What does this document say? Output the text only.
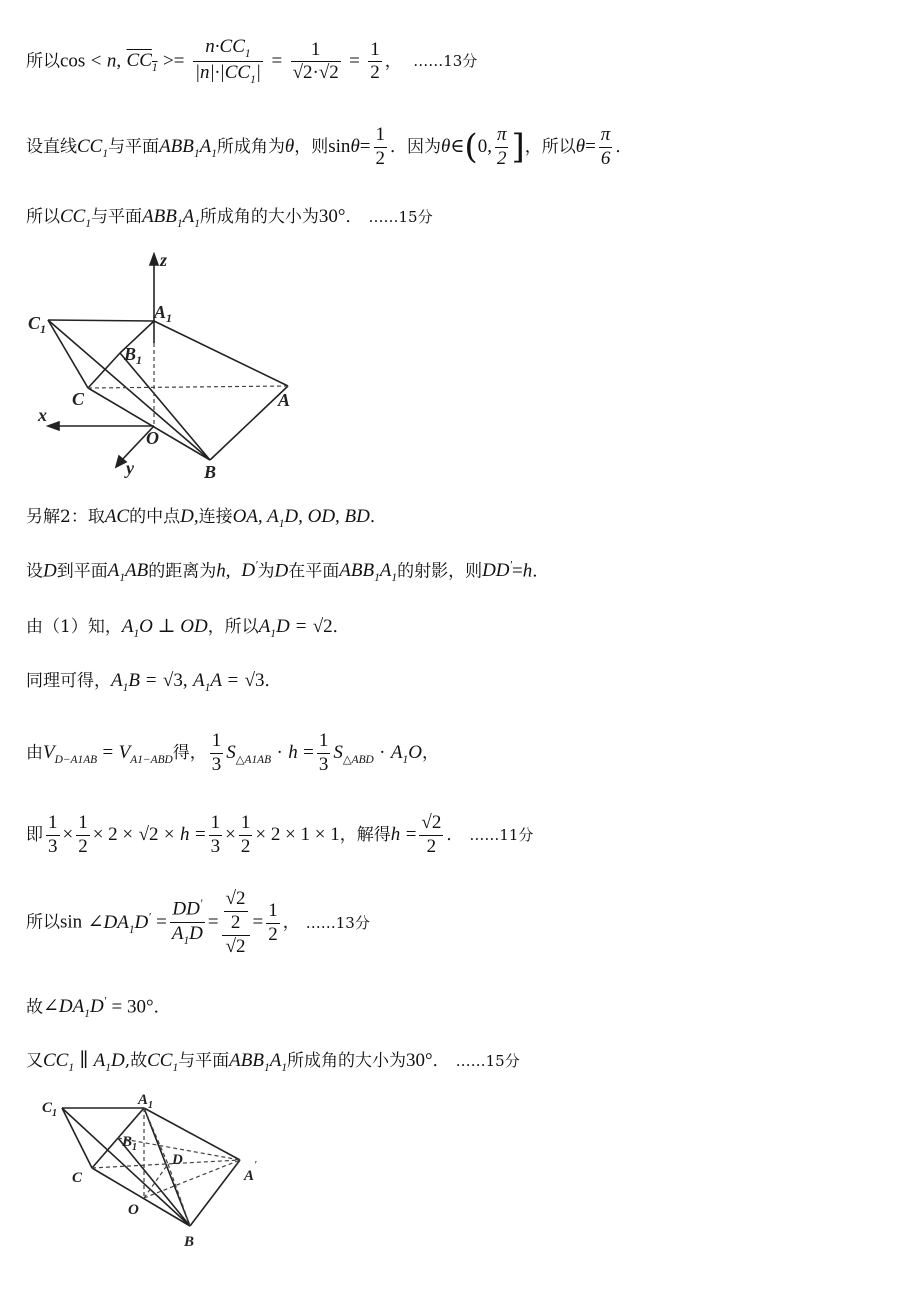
所以cos < n, $CC_1 >= \frac{n\cdot CC_1}{|n|\cdot|CC_1|} = \frac{1}{√2\cdot√2} = \frac{1}{2}$ ， ……13分
设直线$CC_1$与平面$ABB_1A_1$所成角为θ，则$\sin\theta= \frac{1}{2}$ ．因为θ∈(0, $\frac{\pi}{2}$ ]，所以$\theta= \frac{\pi}{6}$ ．
所以$CC_1$与平面$ABB_1A_1$所成角的大小为30°． ……15分
z
x
y
$C_1$
$A_1$
$B_1$
C	A
O
B
另解2：取AC的中点D,连接OA, $A_1D$, OD, BD．
设D到平面$A_1AB$的距离为h, D'为D在平面$ABB_1A_1$的射影，则DD'=h．
由（1）知，$A_1O$ ⊥ OD，所以$A_1D = √2$．
同理可得，$A_1B = √3$, $A_1A = √3$．
由$V_{D-A1AB} = V_{A1-ABD}$得， $\frac{1}{3} S_{\triangle A1AB} \cdot h = \frac{1}{3} S_{\triangle ABD} \cdot A_1O$，
即 $\frac{1}{3} \times \frac{1}{2} \times 2 \times √2 \times h = \frac{1}{3} \times \frac{1}{2} \times 2 \times 1 \times 1$，解得$h = \frac{√2}{2}$ ． ……11分
所以$\sin \angle DA_1D' = \frac{DD'}{A_1D} = \frac{\frac{√2}{2}}{√2} = \frac{1}{2}$ ， ……13分
故$\angle DA_1D' = 30^\circ$．
又$CC_1$ ∥ $A_1D$,故$CC_1$与平面$ABB_1A_1$所成角的大小为30°． ……15分
$C_1$
$A_1$
$B_1$
C
D
A'
O
B
